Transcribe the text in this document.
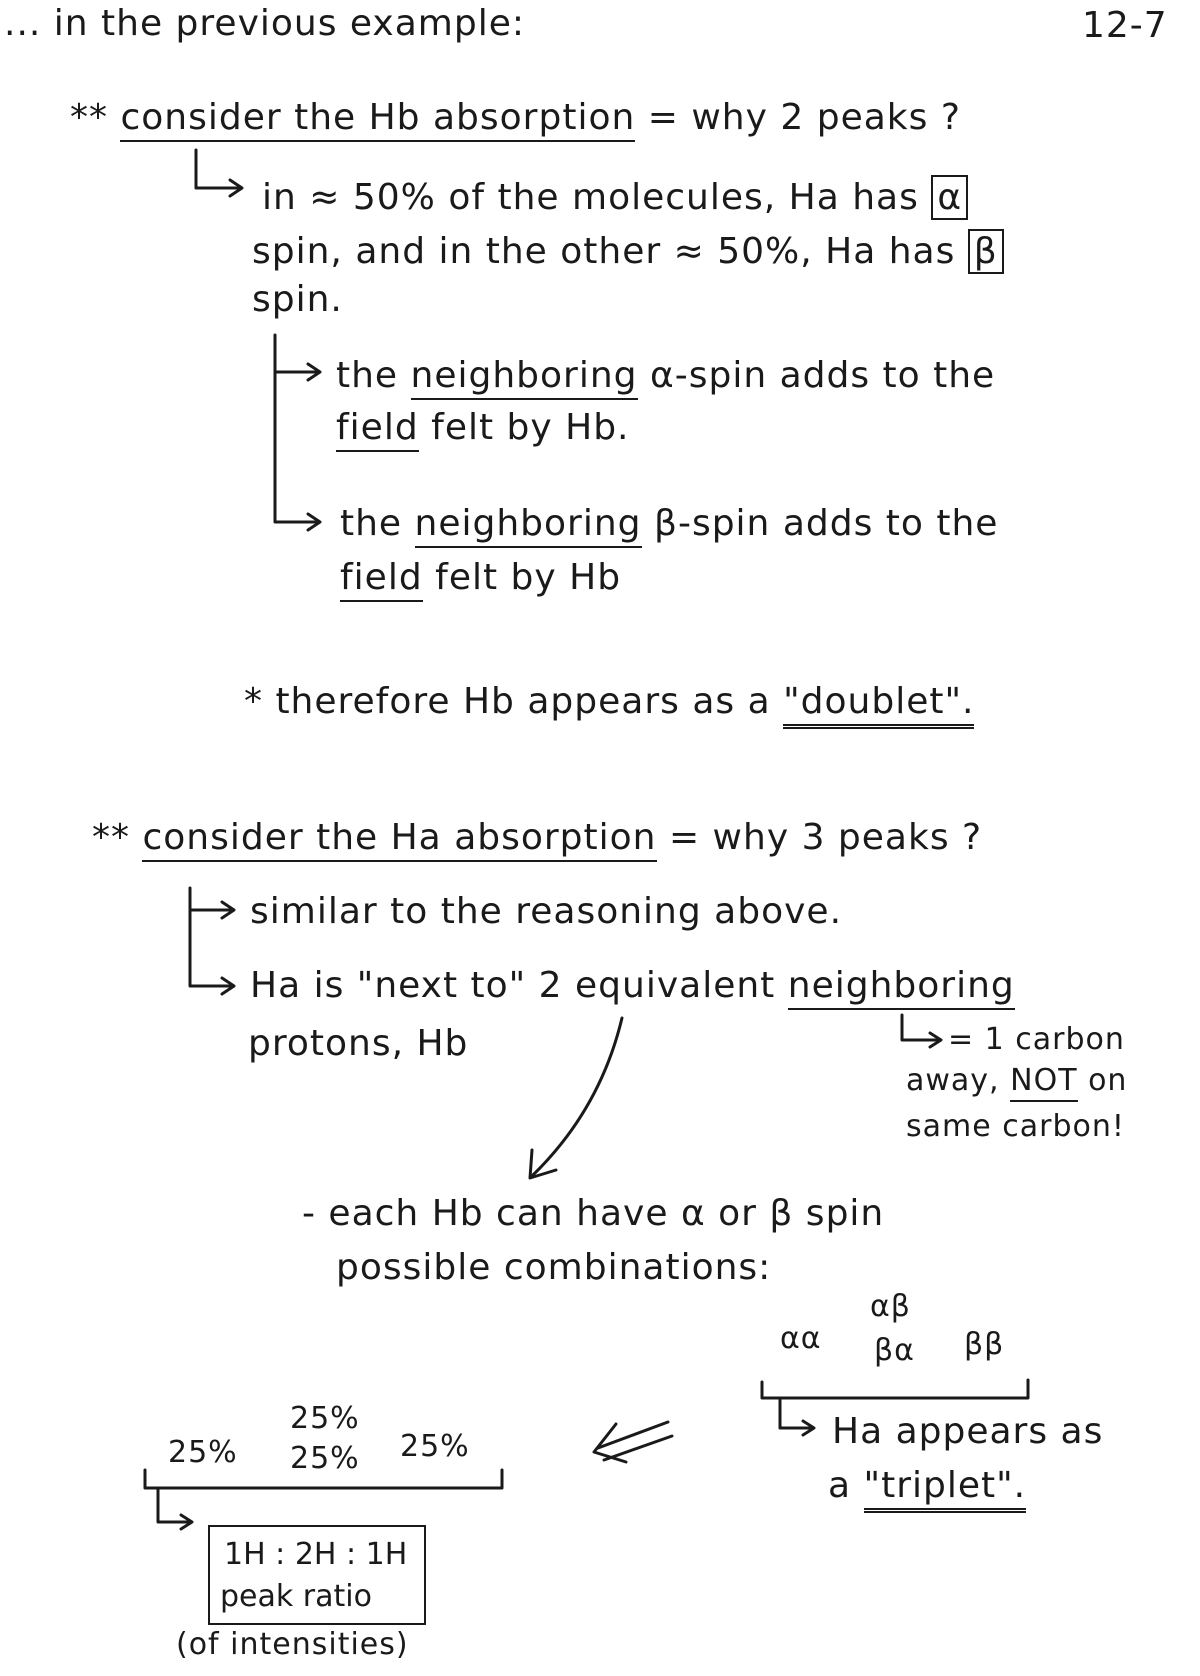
... in the previous example:	12-7
** consider the Hb absorption = why 2 peaks ?
in ≈ 50% of the molecules, Ha has α
spin, and in the other ≈ 50%, Ha has β
spin.
the neighboring α-spin adds to the
field felt by Hb.
the neighboring β-spin adds to the
field felt by Hb
* therefore Hb appears as a "doublet".
** consider the Ha absorption = why 3 peaks ?
similar to the reasoning above.
Ha is "next to" 2 equivalent neighboring
protons, Hb	= 1 carbon
away, NOT on
same carbon!
- each Hb can have α or β spin
possible combinations:
αα
αβ
βα ββ
Ha appears as
a "triplet".
25%
25%
25% 25%
1H : 2H : 1H
peak ratio
(of intensities)
